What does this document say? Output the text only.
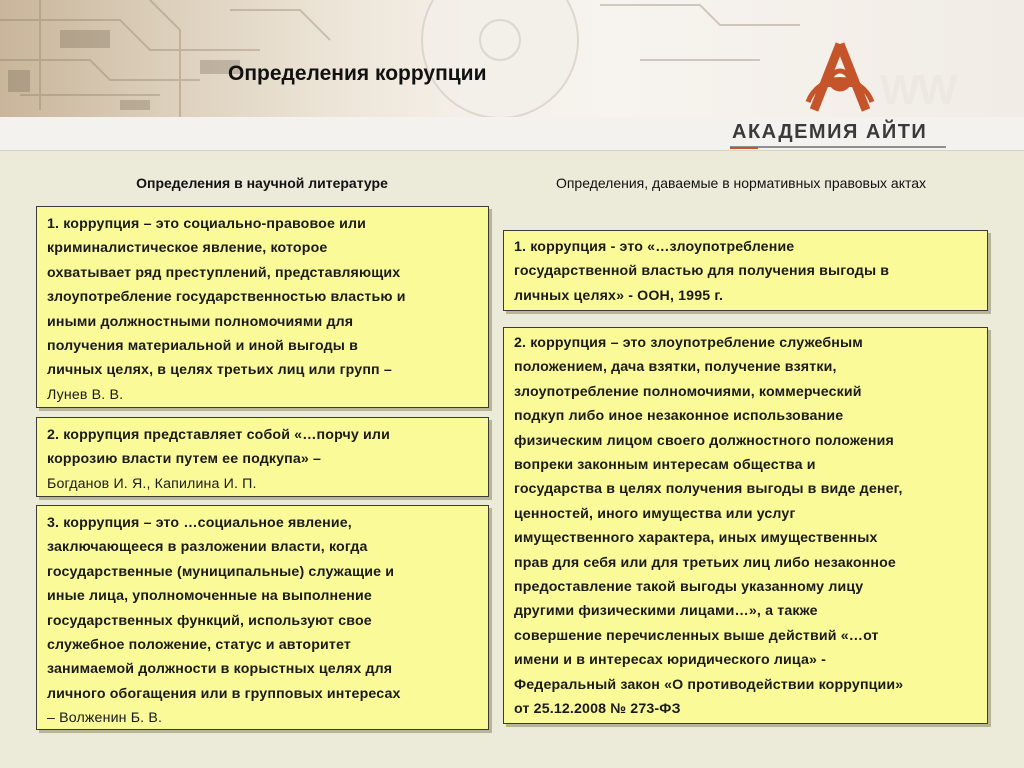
Определения коррупции	WW
АКАДЕМИЯ АЙТИ
Определения в научной литературе	Определения, даваемые в нормативных правовых актах
1. коррупция – это социально-правовое или
криминалистическое явление, которое
охватывает ряд преступлений, представляющих
злоупотребление государственностью властью и
иными должностными полномочиями для
получения материальной и иной выгоды в
личных целях, в целях третьих лиц или групп –
Лунев В. В.
2. коррупция представляет собой «…порчу или
коррозию власти путем ее подкупа» –
Богданов И. Я., Капилина И. П.
3. коррупция – это …социальное явление,
заключающееся в разложении власти, когда
государственные (муниципальные) служащие и
иные лица, уполномоченные на выполнение
государственных функций, используют свое
служебное положение, статус и авторитет
занимаемой должности в корыстных целях для
личного обогащения или в групповых интересах
– Волженин Б. В.
1. коррупция - это «…злоупотребление
государственной властью для получения выгоды в
личных целях» - ООН, 1995 г.
2. коррупция – это злоупотребление служебным
положением, дача взятки, получение взятки,
злоупотребление полномочиями, коммерческий
подкуп либо иное незаконное использование
физическим лицом своего должностного положения
вопреки законным интересам общества и
государства в целях получения выгоды в виде денег,
ценностей, иного имущества или услуг
имущественного характера, иных имущественных
прав для себя или для третьих лиц либо незаконное
предоставление такой выгоды указанному лицу
другими физическими лицами…», а также
совершение перечисленных выше действий «…от
имени и в интересах юридического лица» -
Федеральный закон «О противодействии коррупции»
от 25.12.2008 № 273-ФЗ
